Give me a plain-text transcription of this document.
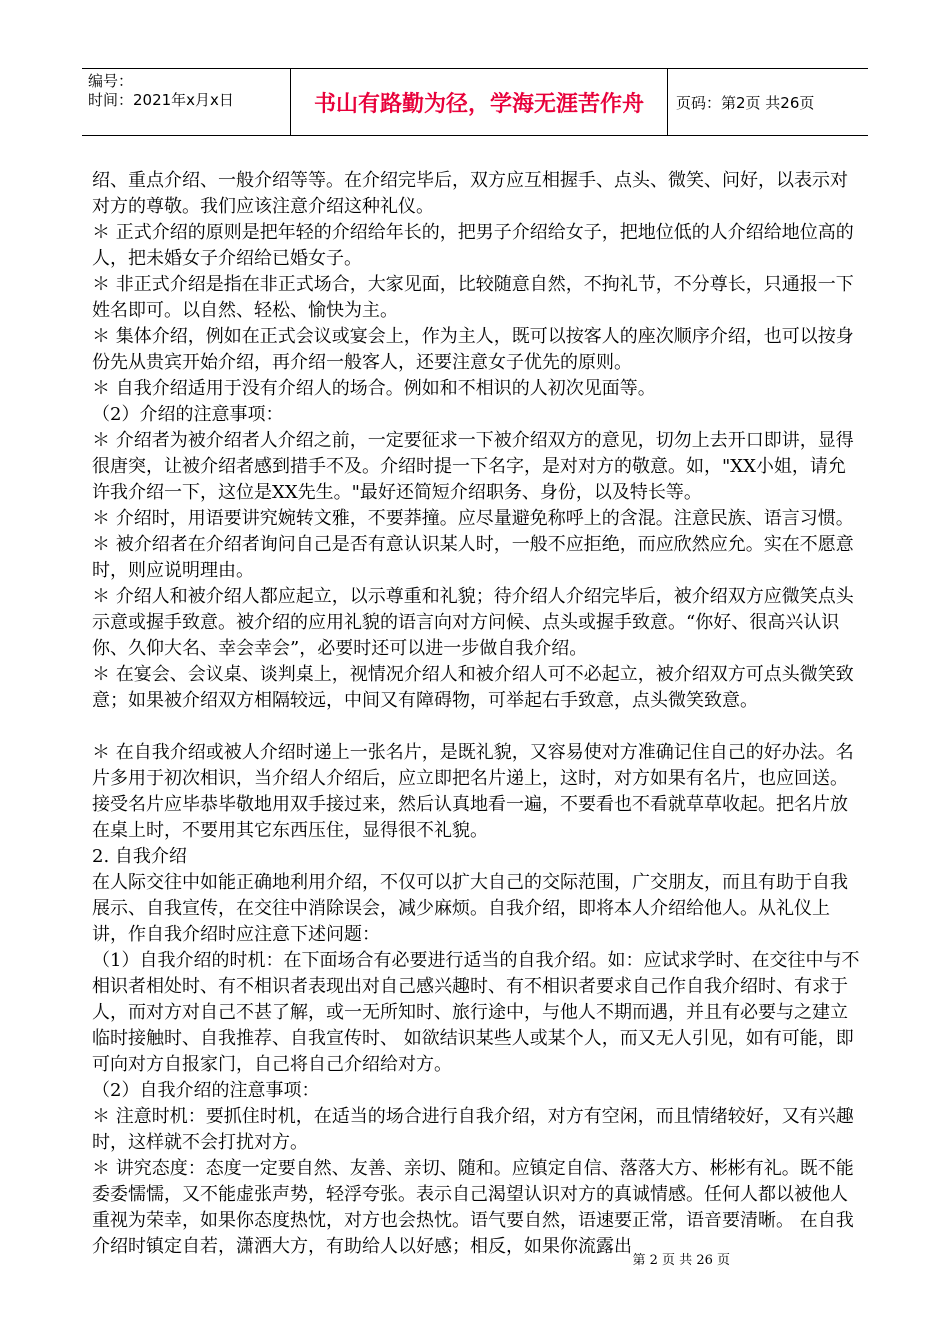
编号：
时间：2021年x月x日	书山有路勤为径，学海无涯苦作舟	页码：第2页 共26页

绍、重点介绍、一般介绍等等。在介绍完毕后，双方应互相握手、点头、微笑、问好，以表示对对方的尊敬。我们应该注意介绍这种礼仪。

＊ 正式介绍的原则是把年轻的介绍给年长的，把男子介绍给女子，把地位低的人介绍给地位高的人，把未婚女子介绍给已婚女子。

＊ 非正式介绍是指在非正式场合，大家见面，比较随意自然，不拘礼节，不分尊长，只通报一下姓名即可。以自然、轻松、愉快为主。

＊ 集体介绍，例如在正式会议或宴会上，作为主人，既可以按客人的座次顺序介绍，也可以按身份先从贵宾开始介绍，再介绍一般客人，还要注意女子优先的原则。

＊ 自我介绍适用于没有介绍人的场合。例如和不相识的人初次见面等。

（2）介绍的注意事项：

＊ 介绍者为被介绍者人介绍之前，一定要征求一下被介绍双方的意见，切勿上去开口即讲，显得很唐突，让被介绍者感到措手不及。介绍时提一下名字，是对对方的敬意。如，"XX小姐，请允许我介绍一下，这位是XX先生。"最好还简短介绍职务、身份，以及特长等。

＊ 介绍时，用语要讲究婉转文雅，不要莽撞。应尽量避免称呼上的含混。注意民族、语言习惯。

＊ 被介绍者在介绍者询问自己是否有意认识某人时，一般不应拒绝，而应欣然应允。实在不愿意时，则应说明理由。

＊ 介绍人和被介绍人都应起立，以示尊重和礼貌；待介绍人介绍完毕后，被介绍双方应微笑点头示意或握手致意。被介绍的应用礼貌的语言向对方问候、点头或握手致意。“你好、很高兴认识你、久仰大名、幸会幸会”，必要时还可以进一步做自我介绍。

＊ 在宴会、会议桌、谈判桌上，视情况介绍人和被介绍人可不必起立，被介绍双方可点头微笑致意；如果被介绍双方相隔较远，中间又有障碍物，可举起右手致意，点头微笑致意。

＊ 在自我介绍或被人介绍时递上一张名片，是既礼貌，又容易使对方准确记住自己的好办法。名片多用于初次相识，当介绍人介绍后，应立即把名片递上，这时，对方如果有名片，也应回送。接受名片应毕恭毕敬地用双手接过来，然后认真地看一遍，不要看也不看就草草收起。把名片放在桌上时，不要用其它东西压住，显得很不礼貌。

2. 自我介绍

在人际交往中如能正确地利用介绍，不仅可以扩大自己的交际范围，广交朋友，而且有助于自我展示、自我宣传，在交往中消除误会，减少麻烦。自我介绍，即将本人介绍给他人。从礼仪上讲，作自我介绍时应注意下述问题：

（1）自我介绍的时机：在下面场合有必要进行适当的自我介绍。如：应试求学时、在交往中与不相识者相处时、有不相识者表现出对自己感兴趣时、有不相识者要求自己作自我介绍时、有求于人，而对方对自己不甚了解，或一无所知时、旅行途中，与他人不期而遇，并且有必要与之建立临时接触时、自我推荐、自我宣传时、 如欲结识某些人或某个人，而又无人引见，如有可能，即可向对方自报家门，自己将自己介绍给对方。

（2）自我介绍的注意事项：

＊ 注意时机：要抓住时机，在适当的场合进行自我介绍，对方有空闲，而且情绪较好，又有兴趣时，这样就不会打扰对方。

＊ 讲究态度：态度一定要自然、友善、亲切、随和。应镇定自信、落落大方、彬彬有礼。既不能委委懦懦，又不能虚张声势，轻浮夸张。表示自己渴望认识对方的真诚情感。任何人都以被他人重视为荣幸，如果你态度热忱，对方也会热忱。语气要自然，语速要正常，语音要清晰。 在自我介绍时镇定自若，潇洒大方，有助给人以好感；相反，如果你流露出

第 2 页 共 26 页
